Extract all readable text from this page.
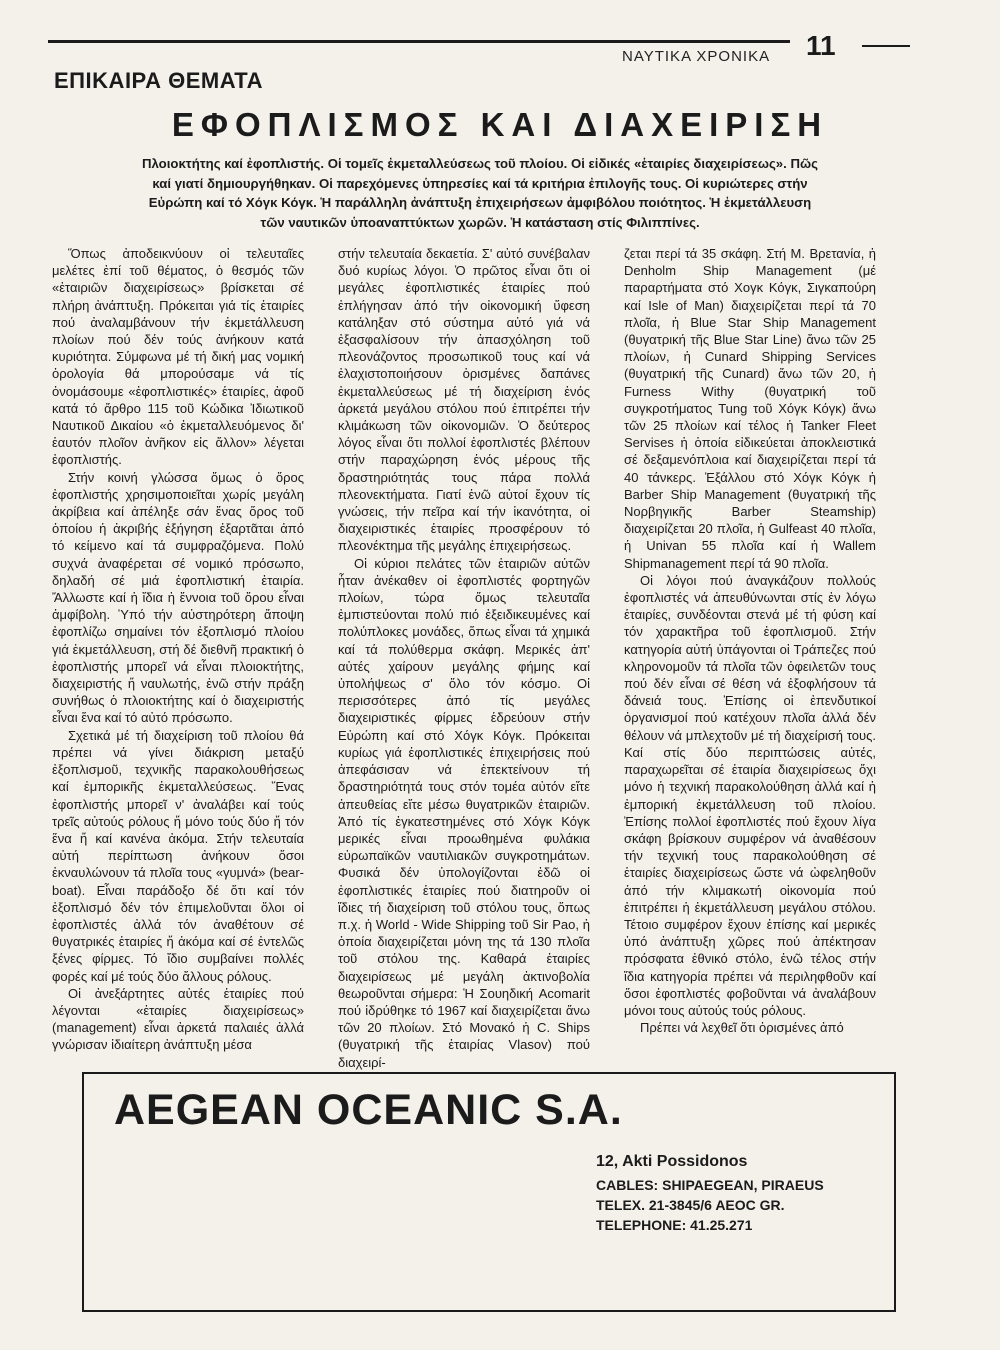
ΝΑΥΤΙΚΑ ΧΡΟΝΙΚΑ 11
ΕΠΙΚΑΙΡΑ ΘΕΜΑΤΑ
ΕΦΟΠΛΙΣΜΟΣ ΚΑΙ ΔΙΑΧΕΙΡΙΣΗ

Πλοιοκτήτης καί ἐφοπλιστής. Οἱ τομεῖς ἐκμεταλλεύσεως τοῦ πλοίου. Οἱ εἰδικές «ἑταιρίες διαχειρίσεως». Πῶς καί γιατί δημιουργήθηκαν. Οἱ παρεχόμενες ὑπηρεσίες καί τά κριτήρια ἐπιλογῆς τους. Οἱ κυριώτερες στήν Εὐρώπη καί τό Χόγκ Κόγκ. Ἡ παράλληλη ἀνάπτυξη ἐπιχειρήσεων ἀμφιβόλου ποιότητος. Ἡ ἐκμετάλλευση τῶν ναυτικῶν ὑποαναπτύκτων χωρῶν. Ἡ κατάσταση στίς Φιλιππίνες.

Ὅπως ἀποδεικνύουν οἱ τελευταῖες μελέτες ἐπί τοῦ θέματος, ὁ θεσμός τῶν «ἑταιριῶν διαχειρίσεως» βρίσκεται σέ πλήρη ἀνάπτυξη. Πρόκειται γιά τίς ἑταιρίες πού ἀναλαμβάνουν τήν ἐκμετάλλευση πλοίων πού δέν τούς ἀνήκουν κατά κυριότητα. Σύμφωνα μέ τή δική μας νομική ὁρολογία θά μπορούσαμε νά τίς ὀνομάσουμε «ἐφοπλιστικές» ἑταιρίες, ἀφοῦ κατά τό ἄρθρο 115 τοῦ Κώδικα Ἰδιωτικοῦ Ναυτικοῦ Δικαίου «ὁ ἐκμεταλλευόμενος δι' ἑαυτόν πλοῖον ἀνῆκον εἰς ἄλλον» λέγεται ἐφοπλιστής.

Στήν κοινή γλώσσα ὅμως ὁ ὅρος ἐφοπλιστής χρησιμοποιεῖται χωρίς μεγάλη ἀκρίβεια καί ἀπέληξε σάν ἕνας ὅρος τοῦ ὁποίου ἡ ἀκριβής ἐξήγηση ἐξαρτᾶται ἀπό τό κείμενο καί τά συμφραζόμενα. Πολύ συχνά ἀναφέρεται σέ νομικό πρόσωπο, δηλαδή σέ μιά ἐφοπλιστική ἑταιρία. Ἄλλωστε καί ἡ ἴδια ἡ ἔννοια τοῦ ὅρου εἶναι ἀμφίβολη. Ὑπό τήν αὐστηρότερη ἄποψη ἐφοπλίζω σημαίνει τόν ἐξοπλισμό πλοίου γιά ἐκμετάλλευση, στή δέ διεθνῆ πρακτική ὁ ἐφοπλιστής μπορεῖ νά εἶναι πλοιοκτήτης, διαχειριστής ἤ ναυλωτής, ἐνῶ στήν πράξη συνήθως ὁ πλοιοκτήτης καί ὁ διαχειριστής εἶναι ἕνα καί τό αὐτό πρόσωπο.

Σχετικά μέ τή διαχείριση τοῦ πλοίου θά πρέπει νά γίνει διάκριση μεταξύ ἐξοπλισμοῦ, τεχνικῆς παρακολουθήσεως καί ἐμπορικῆς ἐκμεταλλεύσεως. Ἕνας ἐφοπλιστής μπορεῖ ν' ἀναλάβει καί τούς τρεῖς αὐτούς ρόλους ἤ μόνο τούς δύο ἤ τόν ἕνα ἤ καί κανένα ἀκόμα. Στήν τελευταία αὐτή περίπτωση ἀνήκουν ὅσοι ἐκναυλώνουν τά πλοῖα τους «γυμνά» (bear-boat). Εἶναι παράδοξο δέ ὅτι καί τόν ἐξοπλισμό δέν τόν ἐπιμελοῦνται ὅλοι οἱ ἐφοπλιστές ἀλλά τόν ἀναθέτουν σέ θυγατρικές ἑταιρίες ἤ ἀκόμα καί σέ ἐντελῶς ξένες φίρμες. Τό ἴδιο συμβαίνει πολλές φορές καί μέ τούς δύο ἄλλους ρόλους.

Οἱ ἀνεξάρτητες αὐτές ἑταιρίες πού λέγονται «ἑταιρίες διαχειρίσεως» (management) εἶναι ἀρκετά παλαιές ἀλλά γνώρισαν ἰδιαίτερη ἀνάπτυξη μέσα

στήν τελευταία δεκαετία. Σ' αὐτό συνέβαλαν δυό κυρίως λόγοι. Ὁ πρῶτος εἶναι ὅτι οἱ μεγάλες ἐφοπλιστικές ἑταιρίες πού ἐπλήγησαν ἀπό τήν οἰκονομική ὕφεση κατάληξαν στό σύστημα αὐτό γιά νά ἐξασφαλίσουν τήν ἀπασχόληση τοῦ πλεονάζοντος προσωπικοῦ τους καί νά ἐλαχιστοποιήσουν ὁρισμένες δαπάνες ἐκμεταλλεύσεως μέ τή διαχείριση ἑνός ἀρκετά μεγάλου στόλου πού ἐπιτρέπει τήν κλιμάκωση τῶν οἰκονομιῶν. Ὁ δεύτερος λόγος εἶναι ὅτι πολλοί ἐφοπλιστές βλέπουν στήν παραχώρηση ἑνός μέρους τῆς δραστηριότητάς τους πάρα πολλά πλεονεκτήματα. Γιατί ἐνῶ αὐτοί ἔχουν τίς γνώσεις, τήν πεῖρα καί τήν ἱκανότητα, οἱ διαχειριστικές ἑταιρίες προσφέρουν τό πλεονέκτημα τῆς μεγάλης ἐπιχειρήσεως.

Οἱ κύριοι πελάτες τῶν ἑταιριῶν αὐτῶν ἦταν ἀνέκαθεν οἱ ἐφοπλιστές φορτηγῶν πλοίων, τώρα ὅμως τελευταῖα ἐμπιστεύονται πολύ πιό ἐξειδικευμένες καί πολύπλοκες μονάδες, ὅπως εἶναι τά χημικά καί τά πολύθερμα σκάφη. Μερικές ἀπ' αὐτές χαίρουν μεγάλης φήμης καί ὑπολήψεως σ' ὅλο τόν κόσμο. Οἱ περισσότερες ἀπό τίς μεγάλες διαχειριστικές φίρμες ἑδρεύουν στήν Εὐρώπη καί στό Χόγκ Κόγκ. Πρόκειται κυρίως γιά ἐφοπλιστικές ἐπιχειρήσεις πού ἀπεφάσισαν νά ἐπεκτείνουν τή δραστηριότητά τους στόν τομέα αὐτόν εἴτε ἀπευθείας εἴτε μέσω θυγατρικῶν ἑταιριῶν. Ἀπό τίς ἐγκατεστημένες στό Χόγκ Κόγκ μερικές εἶναι προωθημένα φυλάκια εὐρωπαϊκῶν ναυτιλιακῶν συγκροτημάτων. Φυσικά δέν ὑπολογίζονται ἐδῶ οἱ ἐφοπλιστικές ἑταιρίες πού διατηροῦν οἱ ἴδιες τή διαχείριση τοῦ στόλου τους, ὅπως π.χ. ἡ World - Wide Shipping τοῦ Sir Pao, ἡ ὁποία διαχειρίζεται μόνη της τά 130 πλοῖα τοῦ στόλου της. Καθαρά ἑταιρίες διαχειρίσεως μέ μεγάλη ἀκτινοβολία θεωροῦνται σήμερα: Ἡ Σουηδική Acomarit πού ἱδρύθηκε τό 1967 καί διαχειρίζεται ἄνω τῶν 20 πλοίων. Στό Μονακό ἡ C. Ships (θυγατρική τῆς ἑταιρίας Vlasov) πού διαχειρί-

ζεται περί τά 35 σκάφη. Στή Μ. Βρετανία, ἡ Denholm Ship Management (μέ παραρτήματα στό Χογκ Κόγκ, Σιγκαπούρη καί Isle of Man) διαχειρίζεται περί τά 70 πλοῖα, ἡ Blue Star Ship Management (θυγατρική τῆς Blue Star Line) ἄνω τῶν 25 πλοίων, ἡ Cunard Shipping Services (θυγατρική τῆς Cunard) ἄνω τῶν 20, ἡ Furness Withy (θυγατρική τοῦ συγκροτήματος Tung τοῦ Χόγκ Κόγκ) ἄνω τῶν 25 πλοίων καί τέλος ἡ Tanker Fleet Servises ἡ ὁποία εἰδικεύεται ἀποκλειστικά σέ δεξαμενόπλοια καί διαχειρίζεται περί τά 40 τάνκερς. Ἐξάλλου στό Χόγκ Κόγκ ἡ Barber Ship Management (θυγατρική τῆς Νορβηγικῆς Barber Steamship) διαχειρίζεται 20 πλοῖα, ἡ Gulfeast 40 πλοῖα, ἡ Univan 55 πλοῖα καί ἡ Wallem Shipmanagement περί τά 90 πλοῖα.

Οἱ λόγοι πού ἀναγκάζουν πολλούς ἐφοπλιστές νά ἀπευθύνωνται στίς ἐν λόγω ἑταιρίες, συνδέονται στενά μέ τή φύση καί τόν χαρακτῆρα τοῦ ἐφοπλισμοῦ. Στήν κατηγορία αὐτή ὑπάγονται οἱ Τράπεζες πού κληρονομοῦν τά πλοῖα τῶν ὀφειλετῶν τους πού δέν εἶναι σέ θέση νά ἐξοφλήσουν τά δάνειά τους. Ἐπίσης οἱ ἐπενδυτικοί ὀργανισμοί πού κατέχουν πλοῖα ἀλλά δέν θέλουν νά μπλεχτοῦν μέ τή διαχείρισή τους. Καί στίς δύο περιπτώσεις αὐτές, παραχωρεῖται σέ ἑταιρία διαχειρίσεως ὄχι μόνο ἡ τεχνική παρακολούθηση ἀλλά καί ἡ ἐμπορική ἐκμετάλλευση τοῦ πλοίου. Ἐπίσης πολλοί ἐφοπλιστές πού ἔχουν λίγα σκάφη βρίσκουν συμφέρον νά ἀναθέσουν τήν τεχνική τους παρακολούθηση σέ ἑταιρίες διαχειρίσεως ὥστε νά ὠφεληθοῦν ἀπό τήν κλιμακωτή οἰκονομία πού ἐπιτρέπει ἡ ἐκμετάλλευση μεγάλου στόλου. Τέτοιο συμφέρον ἔχουν ἐπίσης καί μερικές ὑπό ἀνάπτυξη χῶρες πού ἀπέκτησαν πρόσφατα ἐθνικό στόλο, ἐνῶ τέλος στήν ἴδια κατηγορία πρέπει νά περιληφθοῦν καί ὅσοι ἐφοπλιστές φοβοῦνται νά ἀναλάβουν μόνοι τους αὐτούς τούς ρόλους.

Πρέπει νά λεχθεῖ ὅτι ὁρισμένες ἀπό

AEGEAN OCEANIC S.A.
12, Akti Possidonos
CABLES: SHIPAEGEAN, PIRAEUS
TELEX. 21-3845/6 AEOC GR.
TELEPHONE: 41.25.271
